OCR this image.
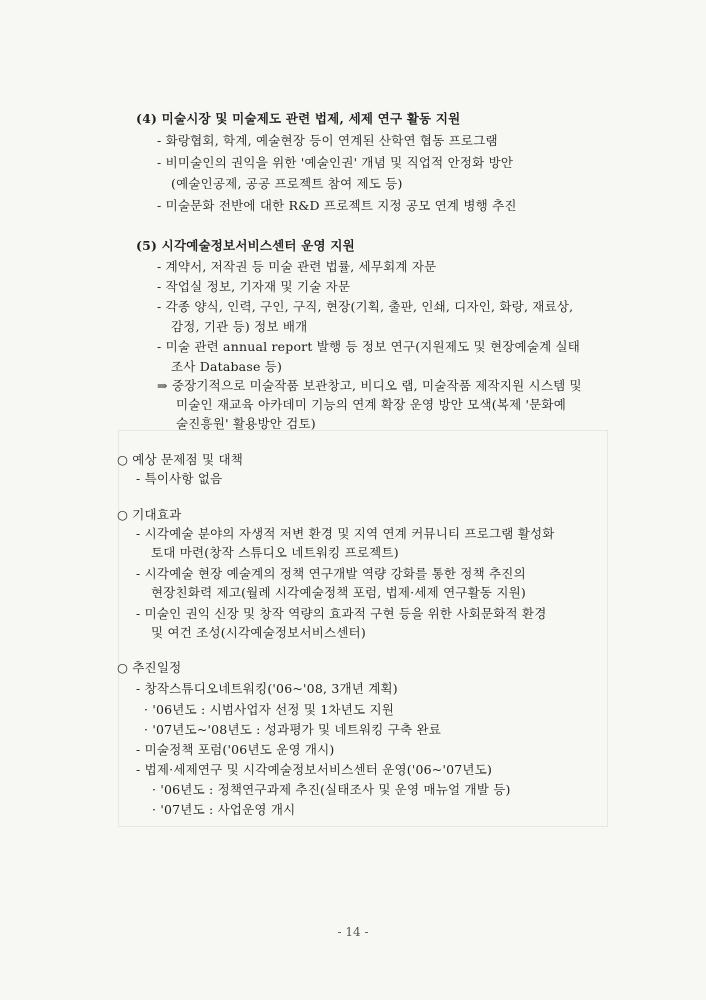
(4) 미술시장 및 미술제도 관련 법제, 세제 연구 활동 지원
- 화랑협회, 학계, 예술현장 등이 연계된 산학연 협동 프로그램
- 비미술인의 권익을 위한 '예술인권' 개념 및 직업적 안정화 방안
(예술인공제, 공공 프로젝트 참여 제도 등)
- 미술문화 전반에 대한 R&D 프로젝트 지정 공모 연계 병행 추진
(5) 시각예술정보서비스센터 운영 지원
- 계약서, 저작권 등 미술 관련 법률, 세무회계 자문
- 작업실 정보, 기자재 및 기술 자문
- 각종 양식, 인력, 구인, 구직, 현장(기획, 출판, 인쇄, 디자인, 화랑, 재료상,
감정, 기관 등) 정보 배개
- 미술 관련 annual report 발행 등 정보 연구(지원제도 및 현장예술계 실태
조사 Database 등)
⇒ 중장기적으로 미술작품 보관창고, 비디오 랩, 미술작품 제작지원 시스템 및
미술인 재교육 아카데미 기능의 연계 확장 운영 방안 모색(복제 '문화예
술진흥원' 활용방안 검토)
○ 예상 문제점 및 대책
- 특이사항 없음
○ 기대효과
- 시각예술 분야의 자생적 저변 환경 및 지역 연계 커뮤니티 프로그램 활성화
토대 마련(창작 스튜디오 네트워킹 프로젝트)
- 시각예술 현장 예술계의 정책 연구개발 역량 강화를 통한 정책 추진의
현장친화력 제고(월례 시각예술정책 포럼, 법제·세제 연구활동 지원)
- 미술인 권익 신장 및 창작 역량의 효과적 구현 등을 위한 사회문화적 환경
및 여건 조성(시각예술정보서비스센터)
○ 추진일정
- 창작스튜디오네트워킹('06~'08, 3개년 계획)
· '06년도 : 시범사업자 선정 및 1차년도 지원
· '07년도~'08년도 : 성과평가 및 네트워킹 구축 완료
- 미술정책 포럼('06년도 운영 개시)
- 법제·세제연구 및 시각예술정보서비스센터 운영('06~'07년도)
· '06년도 : 정책연구과제 추진(실태조사 및 운영 매뉴얼 개발 등)
· '07년도 : 사업운영 개시
- 14 -
